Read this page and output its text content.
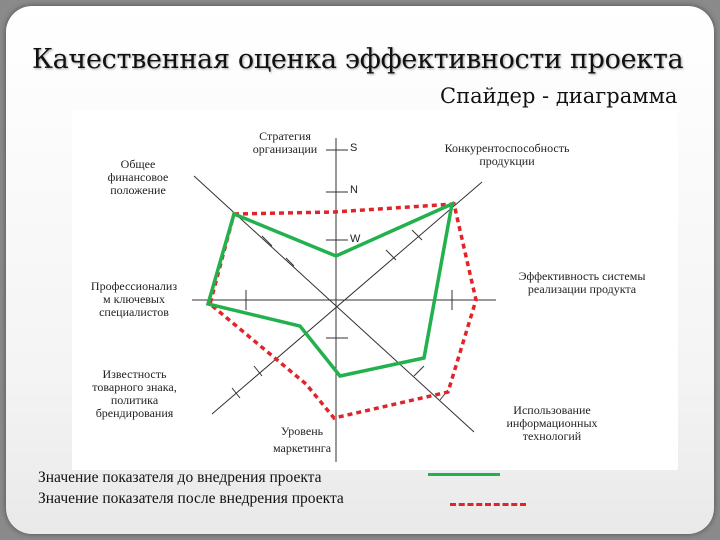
Качественная оценка эффективности проекта
Спайдер - диаграмма
Стратегия
организации	Конкурентоспособность
продукции
Эффективность системы
реализации продукта
Использование
информационных
технологий
Уровень
маркетинга
Известность
товарного знака,
политика
брендирования
Профессионализ
м ключевых
специалистов
Общее
финансовое
положение
S
N
W
Значение показателя до внедрения проекта
Значение показателя после внедрения проекта
